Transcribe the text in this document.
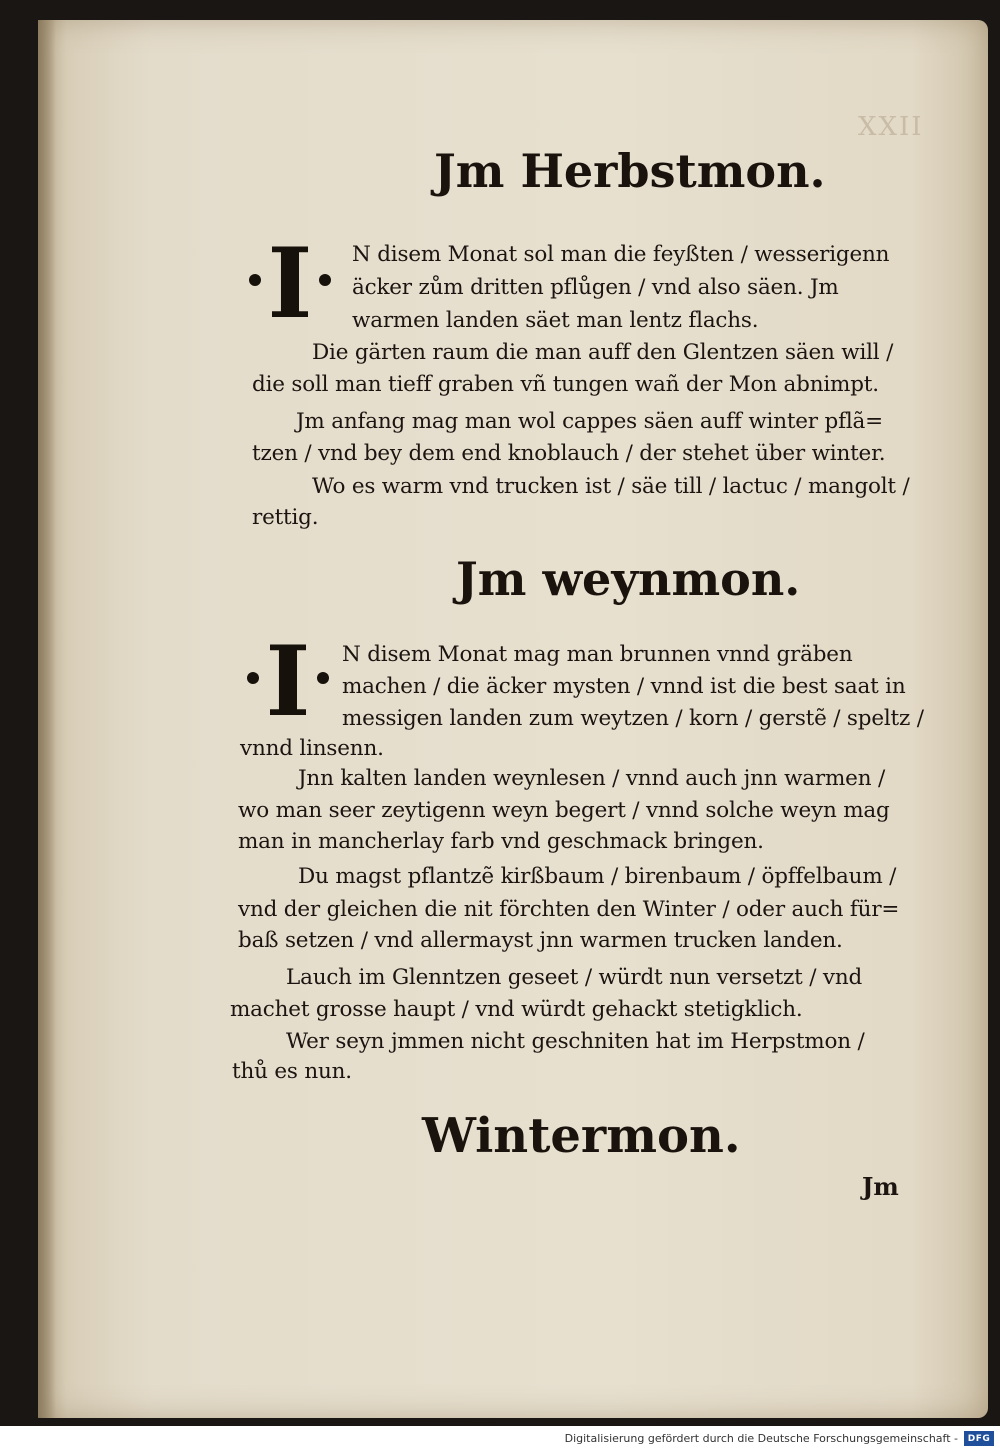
XXII
Jm Herbstmon.
I N disem Monat sol man die feyßten / wesserigenn

äcker zům dritten pflůgen / vnd also säen. Jm

warmen landen säet man lentz flachs.

Die gärten raum die man auff den Glentzen säen will /

die soll man tieff graben vñ tungen wañ der Mon abnimpt.

Jm anfang mag man wol cappes säen auff winter pflã=

tzen / vnd bey dem end knoblauch / der stehet über winter.

Wo es warm vnd trucken ist / säe till / lactuc / mangolt /

rettig.

Jm weynmon.
I N disem Monat mag man brunnen vnnd gräben

machen / die äcker mysten / vnnd ist die best saat in

messigen landen zum weytzen / korn / gerstẽ / speltz /

vnnd linsenn.

Jnn kalten landen weynlesen / vnnd auch jnn warmen /

wo man seer zeytigenn weyn begert / vnnd solche weyn mag

man in mancherlay farb vnd geschmack bringen.

Du magst pflantzẽ kirßbaum / birenbaum / öpffelbaum /

vnd der gleichen die nit förchten den Winter / oder auch für=

baß setzen / vnd allermayst jnn warmen trucken landen.

Lauch im Glenntzen geseet / würdt nun versetzt / vnd

machet grosse haupt / vnd würdt gehackt stetigklich.

Wer seyn jmmen nicht geschniten hat im Herpstmon /

thů es nun.

Wintermon.

Jm

Digitalisierung gefördert durch die Deutsche Forschungsgemeinschaft -	DFG
